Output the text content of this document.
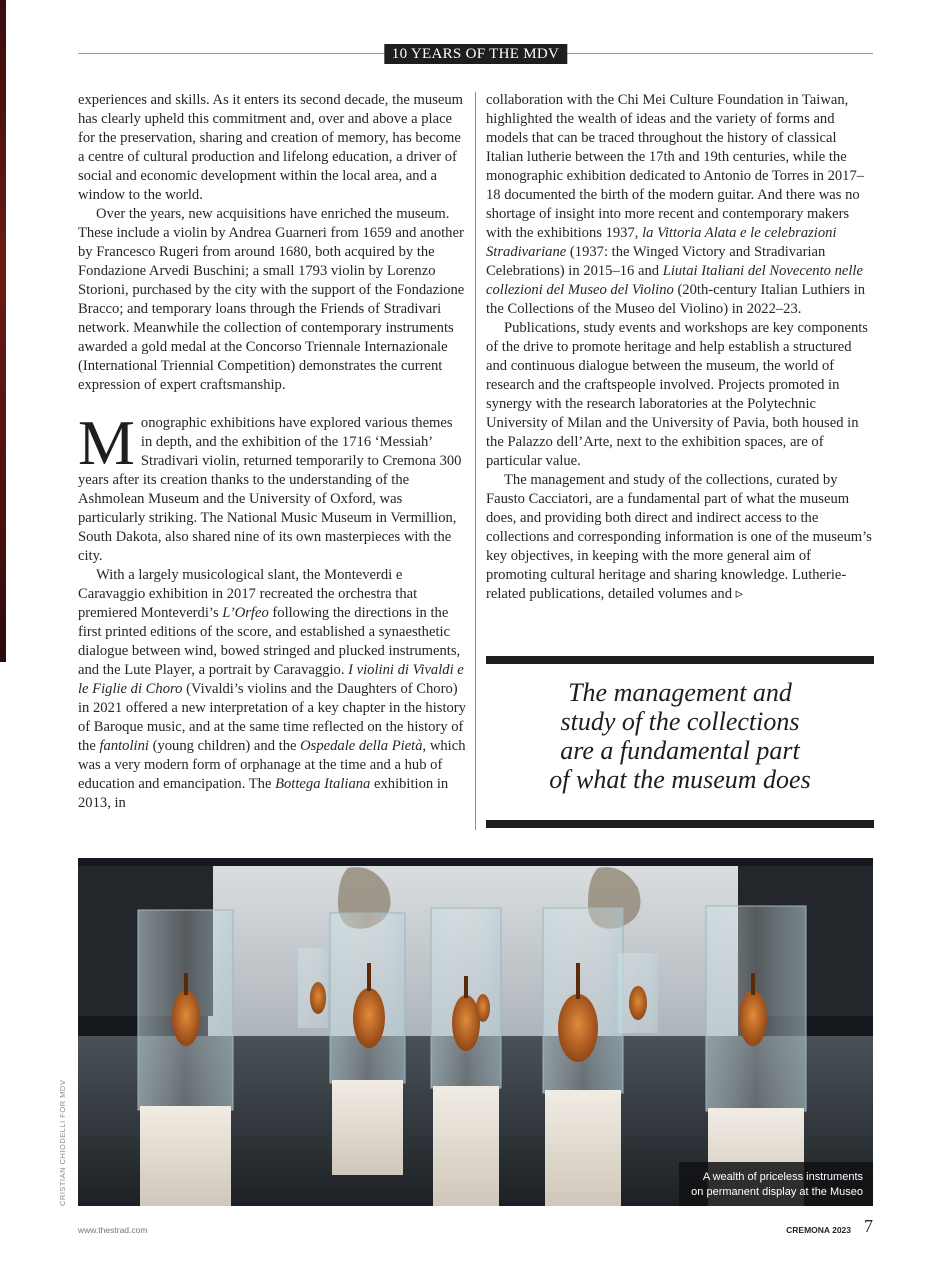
10 YEARS OF THE MDV

experiences and skills. As it enters its second decade, the museum has clearly upheld this commitment and, over and above a place for the preservation, sharing and creation of memory, has become a centre of cultural production and lifelong education, a driver of social and economic development within the local area, and a window to the world.

Over the years, new acquisitions have enriched the museum. These include a violin by Andrea Guarneri from 1659 and another by Francesco Rugeri from around 1680, both acquired by the Fondazione Arvedi Buschini; a small 1793 violin by Lorenzo Storioni, purchased by the city with the support of the Fondazione Bracco; and temporary loans through the Friends of Stradivari network. Meanwhile the collection of contemporary instruments awarded a gold medal at the Concorso Triennale Internazionale (International Triennial Competition) demonstrates the current expression of expert craftsmanship.

Monographic exhibitions have explored various themes in depth, and the exhibition of the 1716 ‘Messiah’ Stradivari violin, returned temporarily to Cremona 300 years after its creation thanks to the understanding of the Ashmolean Museum and the University of Oxford, was particularly striking. The National Music Museum in Vermillion, South Dakota, also shared nine of its own masterpieces with the city.

With a largely musicological slant, the Monteverdi e Caravaggio exhibition in 2017 recreated the orchestra that premiered Monteverdi’s L’Orfeo following the directions in the first printed editions of the score, and established a synaesthetic dialogue between wind, bowed stringed and plucked instruments, and the Lute Player, a portrait by Caravaggio. I violini di Vivaldi e le Figlie di Choro (Vivaldi’s violins and the Daughters of Choro) in 2021 offered a new interpretation of a key chapter in the history of Baroque music, and at the same time reflected on the history of the fantolini (young children) and the Ospedale della Pietà, which was a very modern form of orphanage at the time and a hub of education and emancipation. The Bottega Italiana exhibition in 2013, in

collaboration with the Chi Mei Culture Foundation in Taiwan, highlighted the wealth of ideas and the variety of forms and models that can be traced throughout the history of classical Italian lutherie between the 17th and 19th centuries, while the monographic exhibition dedicated to Antonio de Torres in 2017–18 documented the birth of the modern guitar. And there was no shortage of insight into more recent and contemporary makers with the exhibitions 1937, la Vittoria Alata e le celebrazioni Stradivariane (1937: the Winged Victory and Stradivarian Celebrations) in 2015–16 and Liutai Italiani del Novecento nelle collezioni del Museo del Violino (20th-century Italian Luthiers in the Collections of the Museo del Violino) in 2022–23.

Publications, study events and workshops are key components of the drive to promote heritage and help establish a structured and continuous dialogue between the museum, the world of research and the craftspeople involved. Projects promoted in synergy with the research laboratories at the Polytechnic University of Milan and the University of Pavia, both housed in the Palazzo dell’Arte, next to the exhibition spaces, are of particular value.

The management and study of the collections, curated by Fausto Cacciatori, are a fundamental part of what the museum does, and providing both direct and indirect access to the collections and corresponding information is one of the museum’s key objectives, in keeping with the more general aim of promoting cultural heritage and sharing knowledge. Lutherie-related publications, detailed volumes and ▹

The management and
study of the collections
are a fundamental part
of what the museum does
A wealth of priceless instruments
on permanent display at the Museo
CRISTIAN CHIODELLI FOR MDV
www.thestrad.com	CREMONA 2023 7
